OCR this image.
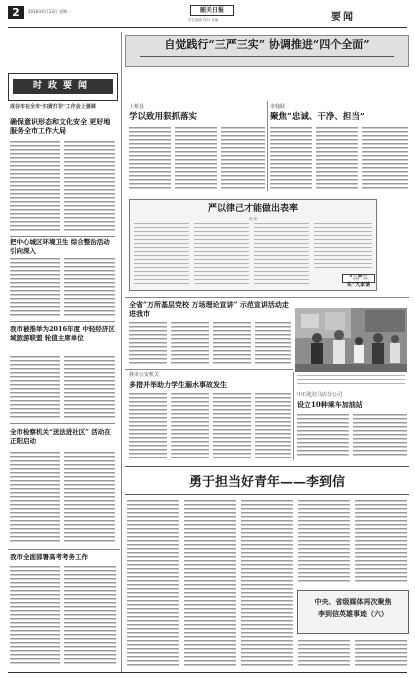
2	2016年6月13日 星期一	韶关日报
责任编辑 校对 美编	要闻
时政要闻
成谷市在全市“扫黄打非”工作会上强调
确保意识形态和文化安全 更好地服务全市工作大局
把中心城区环境卫生 综合整治活动引向深入
我市被推举为2016年度 中轻经济区域旅游联盟 轮值主席单位
全市检察机关“送法进社区” 活动在正阳启动
我市全面部署高考考务工作
自觉践行“三严三实” 协调推进“四个全面”
上蔡县
学以致用狠抓落实
市残联
聚焦“忠诚、干净、担当”
严以律己才能做出表率
徐 扬
“三严三实”大家谈
全省“万所基层党校 万场理论宣讲” 示范宣讲活动走进我市
我市公安机关
多措并举助力学生溺水事故发生
中石化驻马店分公司
设立10种乘车加油站
勇于担当好青年——李到信
中央、省级媒体再次聚焦
李到信英雄事迹（六）
